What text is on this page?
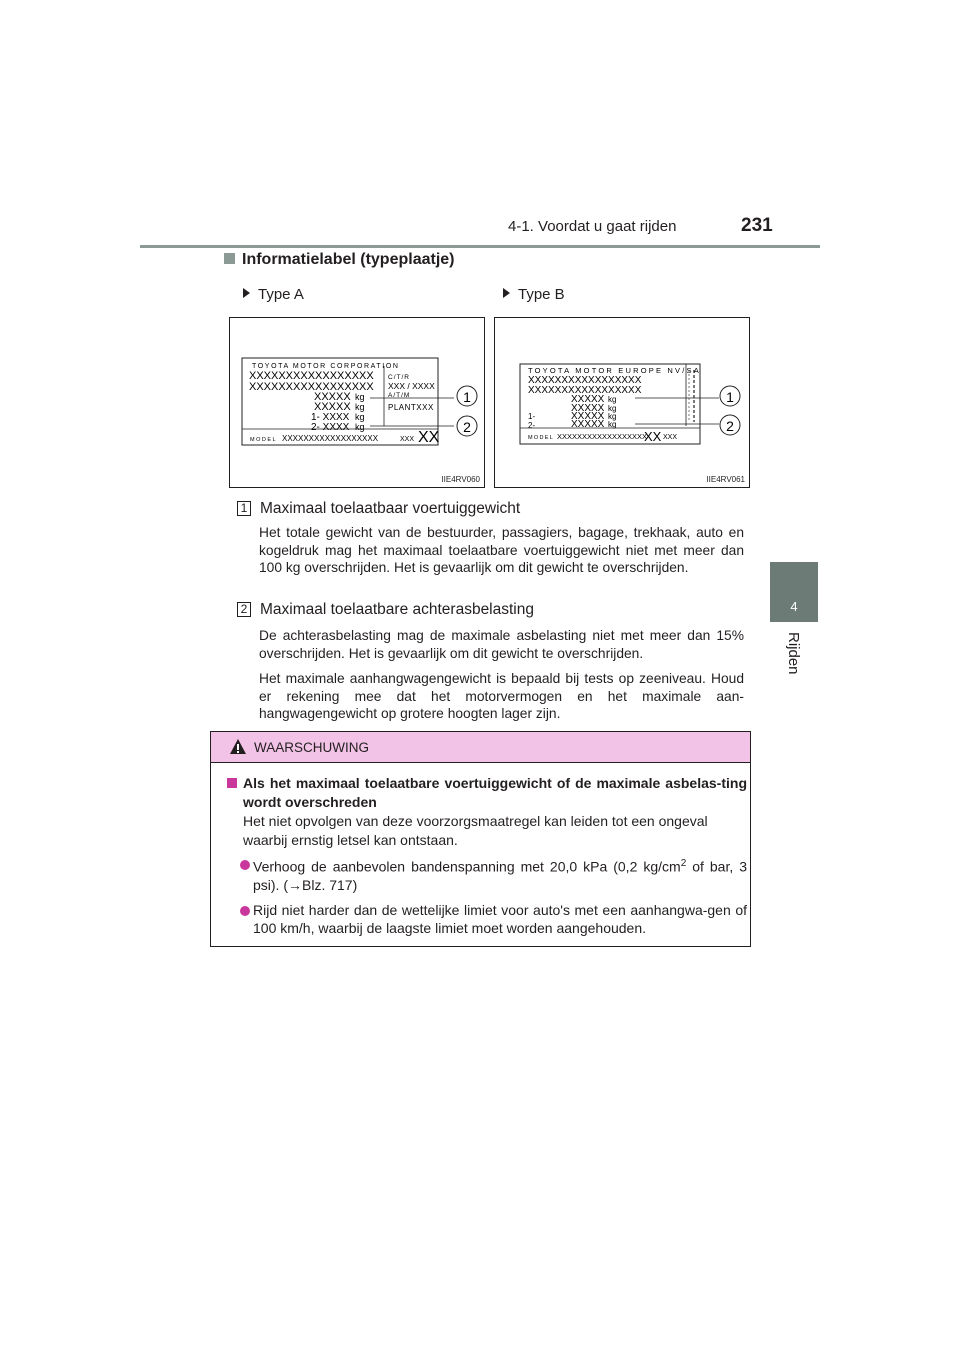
4-1. Voordat u gaat rijden	231
4
Rijden
Informatielabel (typeplaatje)
Type A	Type B
TOYOTA MOTOR CORPORATION
XXXXXXXXXXXXXXXXX
XXXXXXXXXXXXXXXXX
XXXXX
XXXXX
1- XXXX
2- XXXX
kg
kg
kg
kg
C/T/R
XXX / XXXX
A/T/M
PLANTXXX
MODEL XXXXXXXXXXXXXXXXXX	XXX XX
1
2
IIE4RV060
TOYOTA MOTOR EUROPE NV/SA
XXXXXXXXXXXXXXXXX
XXXXXXXXXXXXXXXXX
XXXXX
XXXXX
1-	XXXXX
2-	XXXXX
kg
kg
kg
kg
MODEL XXXXXXXXXXXXXXXXXX
XX XXX
1
2
IIE4RV061
1 Maximaal toelaatbaar voertuiggewicht
Het totale gewicht van de bestuurder, passagiers, bagage, trekhaak, auto en kogeldruk mag het maximaal toelaatbare voertuiggewicht niet met meer dan 100 kg overschrijden. Het is gevaarlijk om dit gewicht te overschrijden.
2 Maximaal toelaatbare achterasbelasting
De achterasbelasting mag de maximale asbelasting niet met meer dan 15% overschrijden. Het is gevaarlijk om dit gewicht te overschrijden.
Het maximale aanhangwagengewicht is bepaald bij tests op zeeniveau. Houd er rekening mee dat het motorvermogen en het maximale aan-hangwagengewicht op grotere hoogten lager zijn.
WAARSCHUWING
Als het maximaal toelaatbare voertuiggewicht of de maximale asbelas-ting wordt overschreden
Het niet opvolgen van deze voorzorgsmaatregel kan leiden tot een ongeval waarbij ernstig letsel kan ontstaan.
Verhoog de aanbevolen bandenspanning met 20,0 kPa (0,2 $kg/cm^2$ of bar, 3 psi). (→Blz. 717)
Rijd niet harder dan de wettelijke limiet voor auto's met een aanhangwa-gen of 100 km/h, waarbij de laagste limiet moet worden aangehouden.
